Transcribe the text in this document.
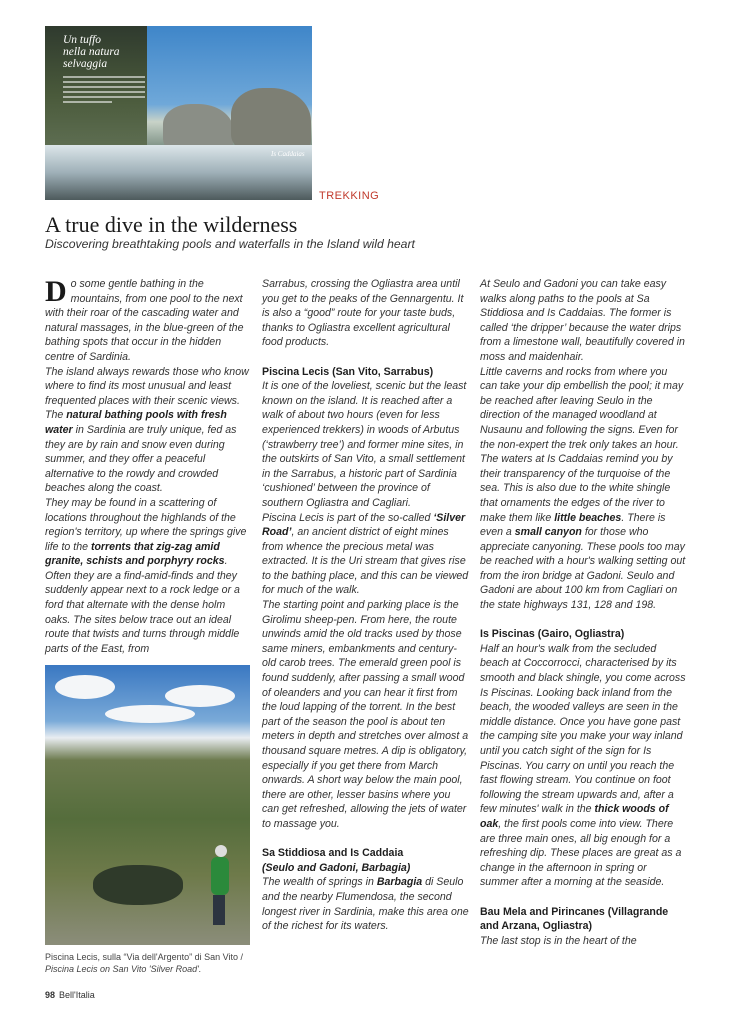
Un tuffo
nella natura
selvaggia
Is Caddaias
TREKKING
A true dive in the wilderness
Discovering breathtaking pools and waterfalls in the Island wild heart

Do some gentle bathing in the mountains, from one pool to the next with their roar of the cascading water and natural massages, in the blue-green of the bathing spots that occur in the hidden centre of Sardinia.

The island always rewards those who know where to find its most unusual and least frequented places with their scenic views. The natural bathing pools with fresh water in Sardinia are truly unique, fed as they are by rain and snow even during summer, and they offer a peaceful alternative to the rowdy and crowded beaches along the coast.

They may be found in a scattering of locations throughout the highlands of the region's territory, up where the springs give life to the torrents that zig-zag amid granite, schists and porphyry rocks. Often they are a find-amid-finds and they suddenly appear next to a rock ledge or a ford that alternate with the dense holm oaks. The sites below trace out an ideal route that twists and turns through middle parts of the East, from

Piscina Lecis, sulla “Via dell'Argento” di San Vito / Piscina Lecis on San Vito 'Silver Road'.

Sarrabus, crossing the Ogliastra area until you get to the peaks of the Gennargentu. It is also a “good” route for your taste buds, thanks to Ogliastra excellent agricultural food products.

Piscina Lecis (San Vito, Sarrabus)

It is one of the loveliest, scenic but the least known on the island. It is reached after a walk of about two hours (even for less experienced trekkers) in woods of Arbutus (‘strawberry tree’) and former mine sites, in the outskirts of San Vito, a small settlement in the Sarrabus, a historic part of Sardinia ‘cushioned’ between the province of southern Ogliastra and Cagliari.

Piscina Lecis is part of the so-called ‘Silver Road’, an ancient district of eight mines from whence the precious metal was extracted. It is the Uri stream that gives rise to the bathing place, and this can be viewed for much of the walk.

The starting point and parking place is the Girolimu sheep-pen. From here, the route unwinds amid the old tracks used by those same miners, embankments and century-old carob trees. The emerald green pool is found suddenly, after passing a small wood of oleanders and you can hear it first from the loud lapping of the torrent. In the best part of the season the pool is about ten meters in depth and stretches over almost a thousand square metres. A dip is obligatory, especially if you get there from March onwards. A short way below the main pool, there are other, lesser basins where you can get refreshed, allowing the jets of water to massage you.

Sa Stiddiosa and Is Caddaia
(Seulo and Gadoni, Barbagia)

The wealth of springs in Barbagia di Seulo and the nearby Flumendosa, the second longest river in Sardinia, make this area one of the richest for its waters.

At Seulo and Gadoni you can take easy walks along paths to the pools at Sa Stiddiosa and Is Caddaias. The former is called ‘the dripper’ because the water drips from a limestone wall, beautifully covered in moss and maidenhair.

Little caverns and rocks from where you can take your dip embellish the pool; it may be reached after leaving Seulo in the direction of the managed woodland at Nusaunu and following the signs. Even for the non-expert the trek only takes an hour. The waters at Is Caddaias remind you by their transparency of the turquoise of the sea. This is also due to the white shingle that ornaments the edges of the river to make them like little beaches. There is even a small canyon for those who appreciate canyoning. These pools too may be reached with a hour's walking setting out from the iron bridge at Gadoni. Seulo and Gadoni are about 100 km from Cagliari on the state highways 131, 128 and 198.

Is Piscinas (Gairo, Ogliastra)

Half an hour's walk from the secluded beach at Coccorrocci, characterised by its smooth and black shingle, you come across Is Piscinas. Looking back inland from the beach, the wooded valleys are seen in the middle distance. Once you have gone past the camping site you make your way inland until you catch sight of the sign for Is Piscinas. You carry on until you reach the fast flowing stream. You continue on foot following the stream upwards and, after a few minutes' walk in the thick woods of oak, the first pools come into view. There are three main ones, all big enough for a refreshing dip. These places are great as a change in the afternoon in spring or summer after a morning at the seaside.

Bau Mela and Pirincanes (Villagrande and Arzana, Ogliastra)

The last stop is in the heart of the

98 Bell'Italia
